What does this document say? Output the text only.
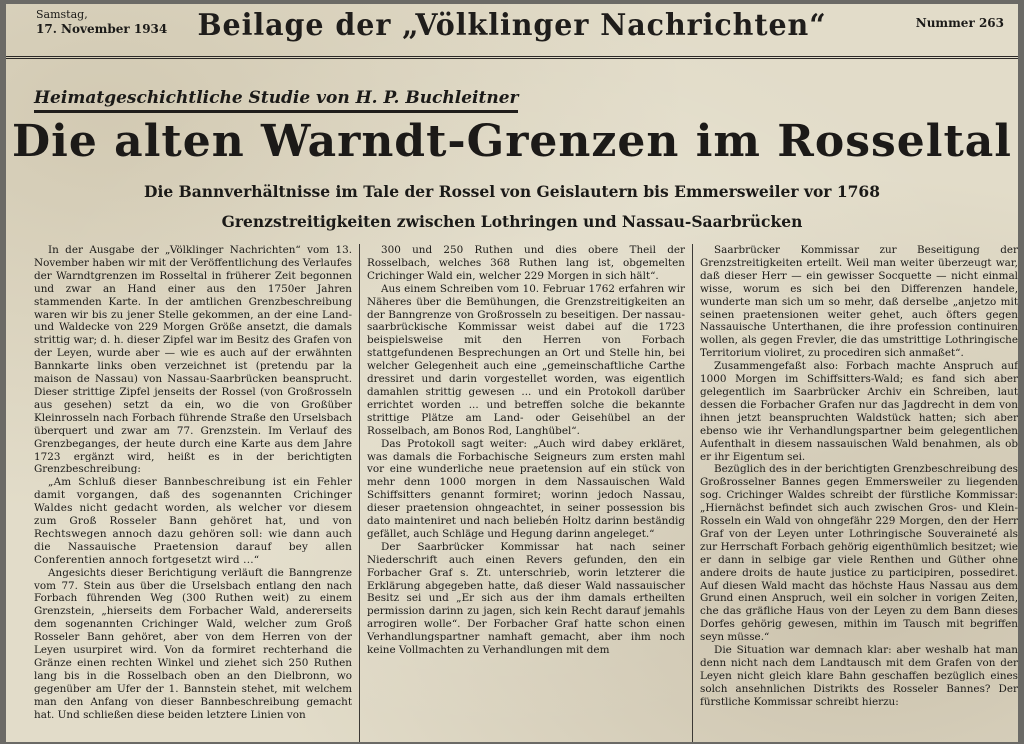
Samstag,
17. November 1934	Beilage der „Völklinger Nachrichten“	Nummer 263
Heimatgeschichtliche Studie von H. P. Buchleitner
Die alten Warndt-Grenzen im Rosseltal
Die Bannverhältnisse im Tale der Rossel von Geislautern bis Emmersweiler vor 1768
Grenzstreitigkeiten zwischen Lothringen und Nassau-Saarbrücken

In der Ausgabe der „Völklinger Nachrichten“ vom 13. November haben wir mit der Veröffentlichung des Verlaufes der Warndtgrenzen im Rosseltal in früherer Zeit begonnen und zwar an Hand einer aus den 1750er Jahren stammenden Karte. In der amtlichen Grenzbeschreibung waren wir bis zu jener Stelle gekommen, an der eine Land- und Waldecke von 229 Morgen Größe ansetzt, die damals strittig war; d. h. dieser Zipfel war im Besitz des Grafen von der Leyen, wurde aber — wie es auch auf der erwähnten Bannkarte links oben verzeichnet ist (pretendu par la maison de Nassau) von Nassau-Saarbrücken beansprucht. Dieser strittige Zipfel jenseits der Rossel (von Großrosseln aus gesehen) setzt da ein, wo die von Großüber Kleinrosseln nach Forbach führende Straße den Urselsbach überquert und zwar am 77. Grenzstein. Im Verlauf des Grenzbeganges, der heute durch eine Karte aus dem Jahre 1723 ergänzt wird, heißt es in der berichtigten Grenzbeschreibung:

„Am Schluß dieser Bannbeschreibung ist ein Fehler damit vorgangen, daß des sogenannten Crichinger Waldes nicht gedacht worden, als welcher vor diesem zum Groß Rosseler Bann gehöret hat, und von Rechtswegen annoch dazu gehören soll: wie dann auch die Nassauische Praetension darauf bey allen Conferentien annoch fortgesetzt wird ...“

Angesichts dieser Berichtigung verläuft die Banngrenze vom 77. Stein aus über die Urselsbach entlang den nach Forbach führenden Weg (300 Ruthen weit) zu einem Grenzstein, „hierseits dem Forbacher Wald, andererseits dem sogenannten Crichinger Wald, welcher zum Groß Rosseler Bann gehöret, aber von dem Herren von der Leyen usurpiret wird. Von da formiret rechterhand die Gränze einen rechten Winkel und ziehet sich 250 Ruthen lang bis in die Rosselbach oben an den Dielbronn, wo gegenüber am Ufer der 1. Bannstein stehet, mit welchem man den Anfang von dieser Bannbeschreibung gemacht hat. Und schließen diese beiden letztere Linien von

300 und 250 Ruthen und dies obere Theil der Rosselbach, welches 368 Ruthen lang ist, obgemelten Crichinger Wald ein, welcher 229 Morgen in sich hält“.

Aus einem Schreiben vom 10. Februar 1762 erfahren wir Näheres über die Bemühungen, die Grenzstreitigkeiten an der Banngrenze von Großrosseln zu beseitigen. Der nassau-saarbrückische Kommissar weist dabei auf die 1723 beispielsweise mit den Herren von Forbach stattgefundenen Besprechungen an Ort und Stelle hin, bei welcher Gelegenheit auch eine „gemeinschaftliche Carthe dressiret und darin vorgestellet worden, was eigentlich damahlen strittig gewesen ... und ein Protokoll darüber errichtet worden ... und betreffen solche die bekannte strittige Plätze am Land- oder Geisehübel an der Rosselbach, am Bonos Rod, Langhübel“.

Das Protokoll sagt weiter: „Auch wird dabey erkläret, was damals die Forbachische Seigneurs zum ersten mahl vor eine wunderliche neue praetension auf ein stück von mehr denn 1000 morgen in dem Nassauischen Wald Schiffsitters genannt formiret; worinn jedoch Nassau, dieser praetension ohngeachtet, in seiner possession bis dato mainteniret und nach beliebén Holtz darinn beständig gefället, auch Schläge und Hegung darinn angeleget.“

Der Saarbrücker Kommissar hat nach seiner Niederschrift auch einen Revers gefunden, den ein Forbacher Graf s. Zt. unterschrieb, worin letzterer die Erklärung abgegeben hatte, daß dieser Wald nassauischer Besitz sei und „Er sich aus der ihm damals ertheilten permission darinn zu jagen, sich kein Recht darauf jemahls arrogiren wolle“. Der Forbacher Graf hatte schon einen Verhandlungspartner namhaft gemacht, aber ihm noch keine Vollmachten zu Verhandlungen mit dem

Saarbrücker Kommissar zur Beseitigung der Grenzstreitigkeiten erteilt. Weil man weiter überzeugt war, daß dieser Herr — ein gewisser Socquette — nicht einmal wisse, worum es sich bei den Differenzen handele, wunderte man sich um so mehr, daß derselbe „anjetzo mit seinen praetensionen weiter gehet, auch öfters gegen Nassauische Unterthanen, die ihre profession continuiren wollen, als gegen Frevler, die das umstrittige Lothringische Territorium violiret, zu procediren sich anmaßet“.

Zusammengefaßt also: Forbach machte Anspruch auf 1000 Morgen im Schiffsitters-Wald; es fand sich aber gelegentlich im Saarbrücker Archiv ein Schreiben, laut dessen die Forbacher Grafen nur das Jagdrecht in dem von ihnen jetzt beanspruchten Waldstück hatten; sich aber ebenso wie ihr Verhandlungspartner beim gelegentlichen Aufenthalt in diesem nassauischen Wald benahmen, als ob er ihr Eigentum sei.

Bezüglich des in der berichtigten Grenzbeschreibung des Großrosselner Bannes gegen Emmersweiler zu liegenden sog. Crichinger Waldes schreibt der fürstliche Kommissar: „Hiernächst befindet sich auch zwischen Gros- und Klein-Rosseln ein Wald von ohngefähr 229 Morgen, den der Herr Graf von der Leyen unter Lothringische Souveraineté als zur Herrschaft Forbach gehörig eigenthümlich besitzet; wie er dann in selbige gar viele Renthen und Güther ohne andere droits de haute justice zu participiren, possediret. Auf diesen Wald macht das höchste Haus Nassau aus dem Grund einen Anspruch, weil ein solcher in vorigen Zeiten, che das gräfliche Haus von der Leyen zu dem Bann dieses Dorfes gehörig gewesen, mithin im Tausch mit begriffen seyn müsse.“

Die Situation war demnach klar: aber weshalb hat man denn nicht nach dem Landtausch mit dem Grafen von der Leyen nicht gleich klare Bahn geschaffen bezüglich eines solch ansehnlichen Distrikts des Rosseler Bannes? Der fürstliche Kommissar schreibt hierzu:
